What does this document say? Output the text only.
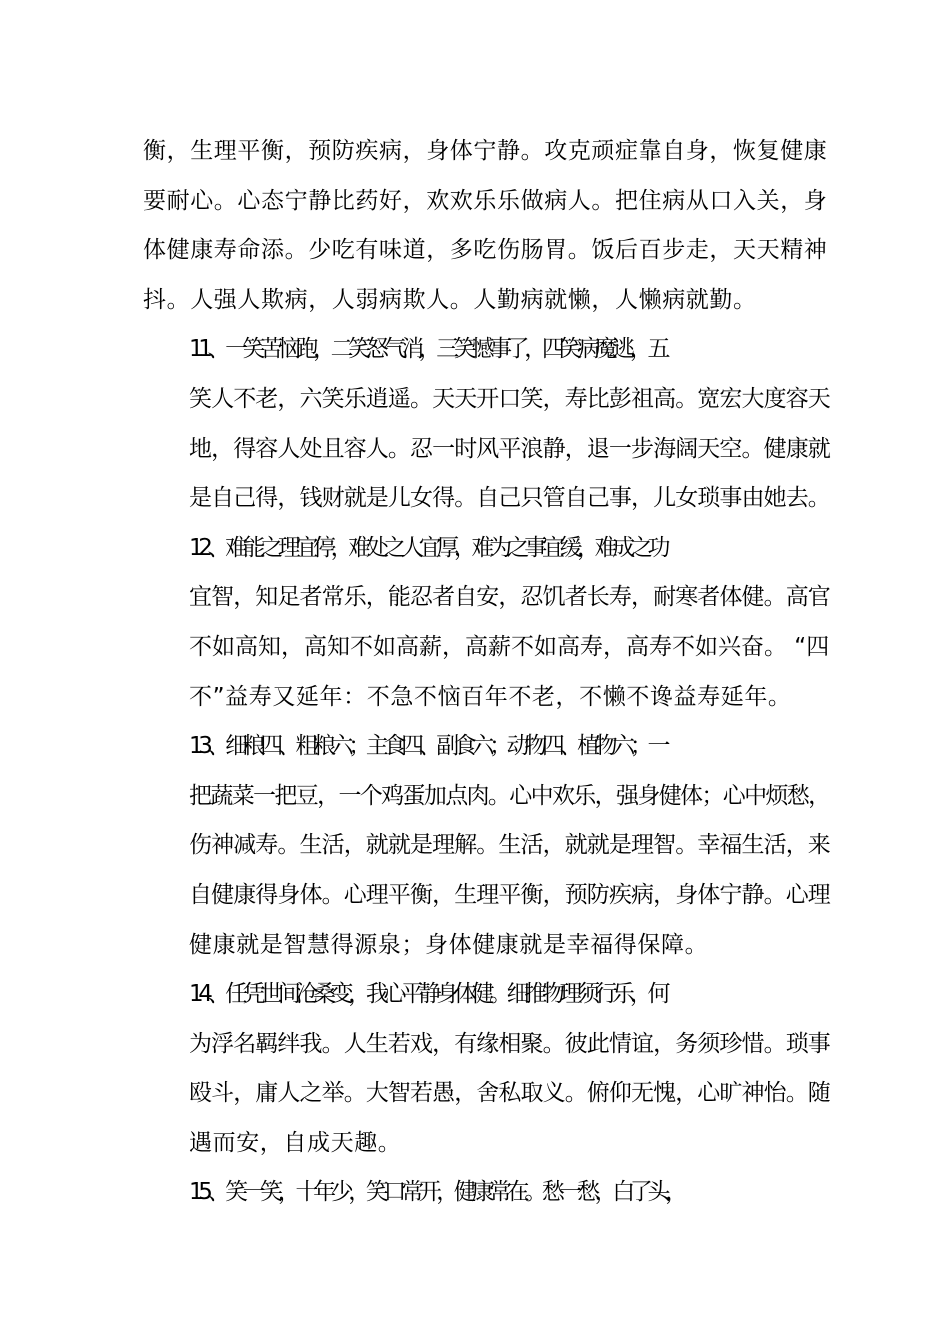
衡，生理平衡，预防疾病，身体宁静。攻克顽症靠自身，恢复健康
要耐心。心态宁静比药好，欢欢乐乐做病人。把住病从口入关，身
体健康寿命添。少吃有味道，多吃伤肠胃。饭后百步走，天天精神
抖。人强人欺病，人弱病欺人。人勤病就懒，人懒病就勤。

11、一笑苦恼跑，二笑怒气消，三笑憾事了，四笑病魔逃，五
笑人不老，六笑乐逍遥。天天开口笑，寿比彭祖高。宽宏大度容天
地，得容人处且容人。忍一时风平浪静，退一步海阔天空。健康就
是自己得，钱财就是儿女得。自己只管自己事，儿女琐事由她去。

12、难能之理宜停，难处之人宜厚，难为之事宜缓，难成之功
宜智，知足者常乐，能忍者自安，忍饥者长寿，耐寒者体健。高官
不如高知，高知不如高薪，高薪不如高寿，高寿不如兴奋。 “四
不”益寿又延年：不急不恼百年不老，不懒不谗益寿延年。

13、细粮四、粗粮六；主食四、副食六；动物四、植物六；一
把蔬菜一把豆，一个鸡蛋加点肉。心中欢乐，强身健体；心中烦愁，
伤神减寿。生活，就就是理解。生活，就就是理智。幸福生活，来
自健康得身体。心理平衡，生理平衡，预防疾病，身体宁静。心理
健康就是智慧得源泉；身体健康就是幸福得保障。

14、任凭世间沧桑变，我心平静身体健。细推物理须行乐，何
为浮名羁绊我。人生若戏，有缘相聚。彼此情谊，务须珍惜。琐事
殴斗，庸人之举。大智若愚，舍私取义。俯仰无愧，心旷神怡。随
遇而安，自成天趣。

15、笑一笑，十年少，笑口常开，健康常在。愁一愁，白了头，
